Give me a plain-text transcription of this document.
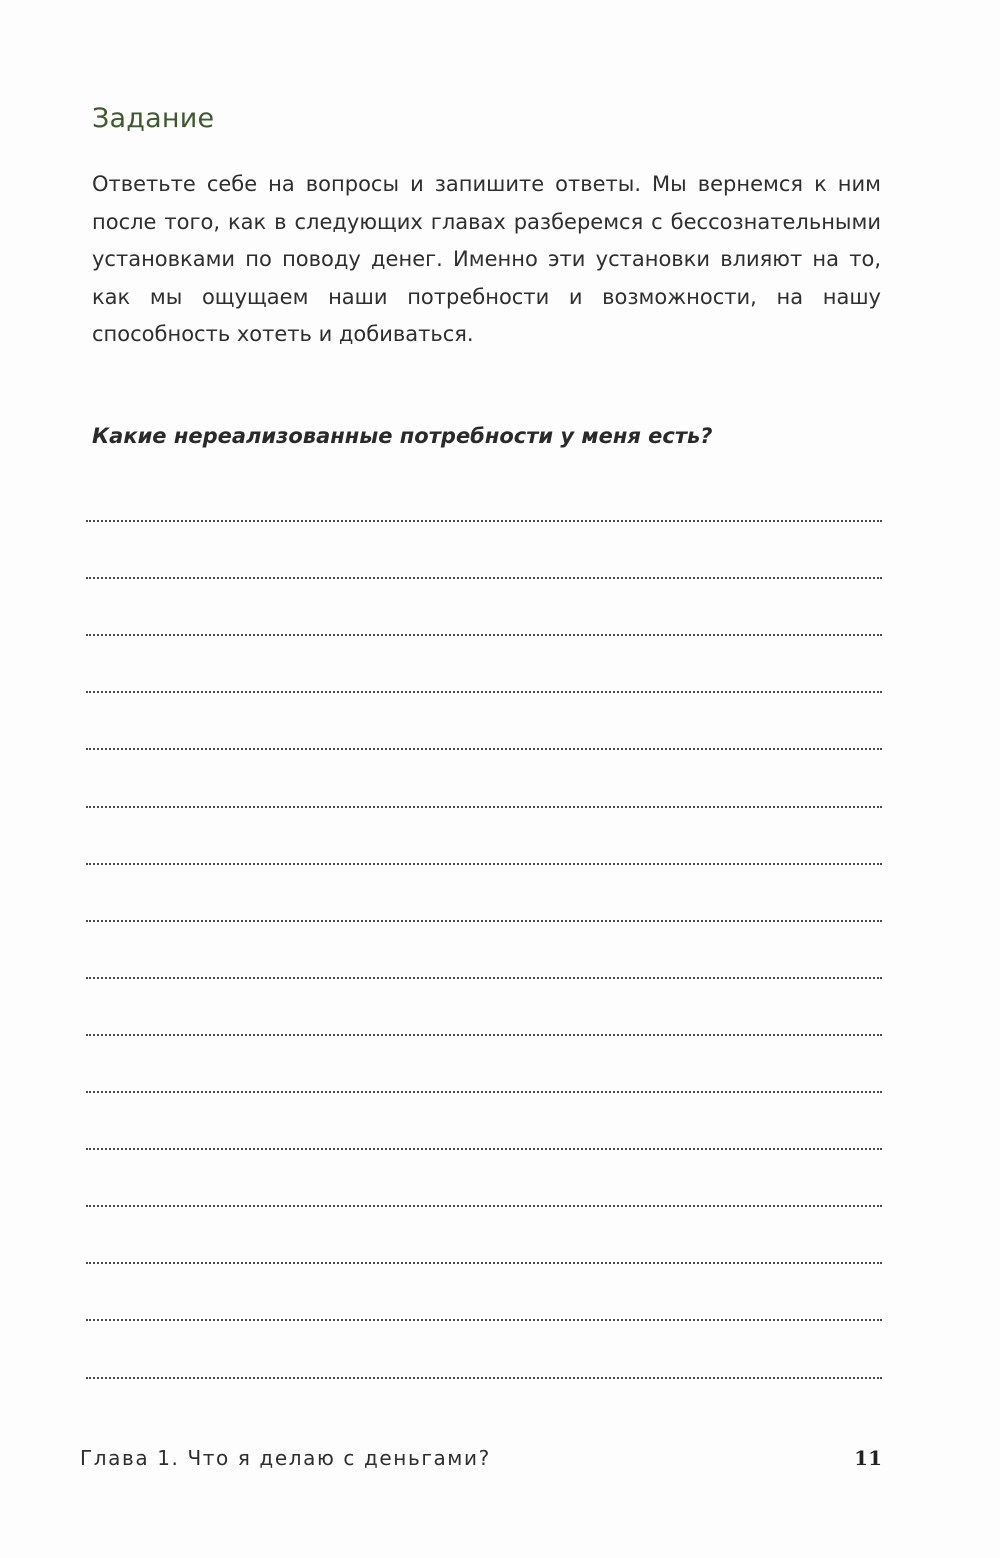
Задание

Ответьте себе на вопросы и запишите ответы. Мы вернемся к ним после того, как в следующих главах разберемся с бессознательными установками по поводу денег. Именно эти установки влияют на то, как мы ощущаем наши потребности и возможности, на нашу способность хотеть и добиваться.

Какие нереализованные потребности у меня есть?

Глава 1. Что я делаю с деньгами?	11
